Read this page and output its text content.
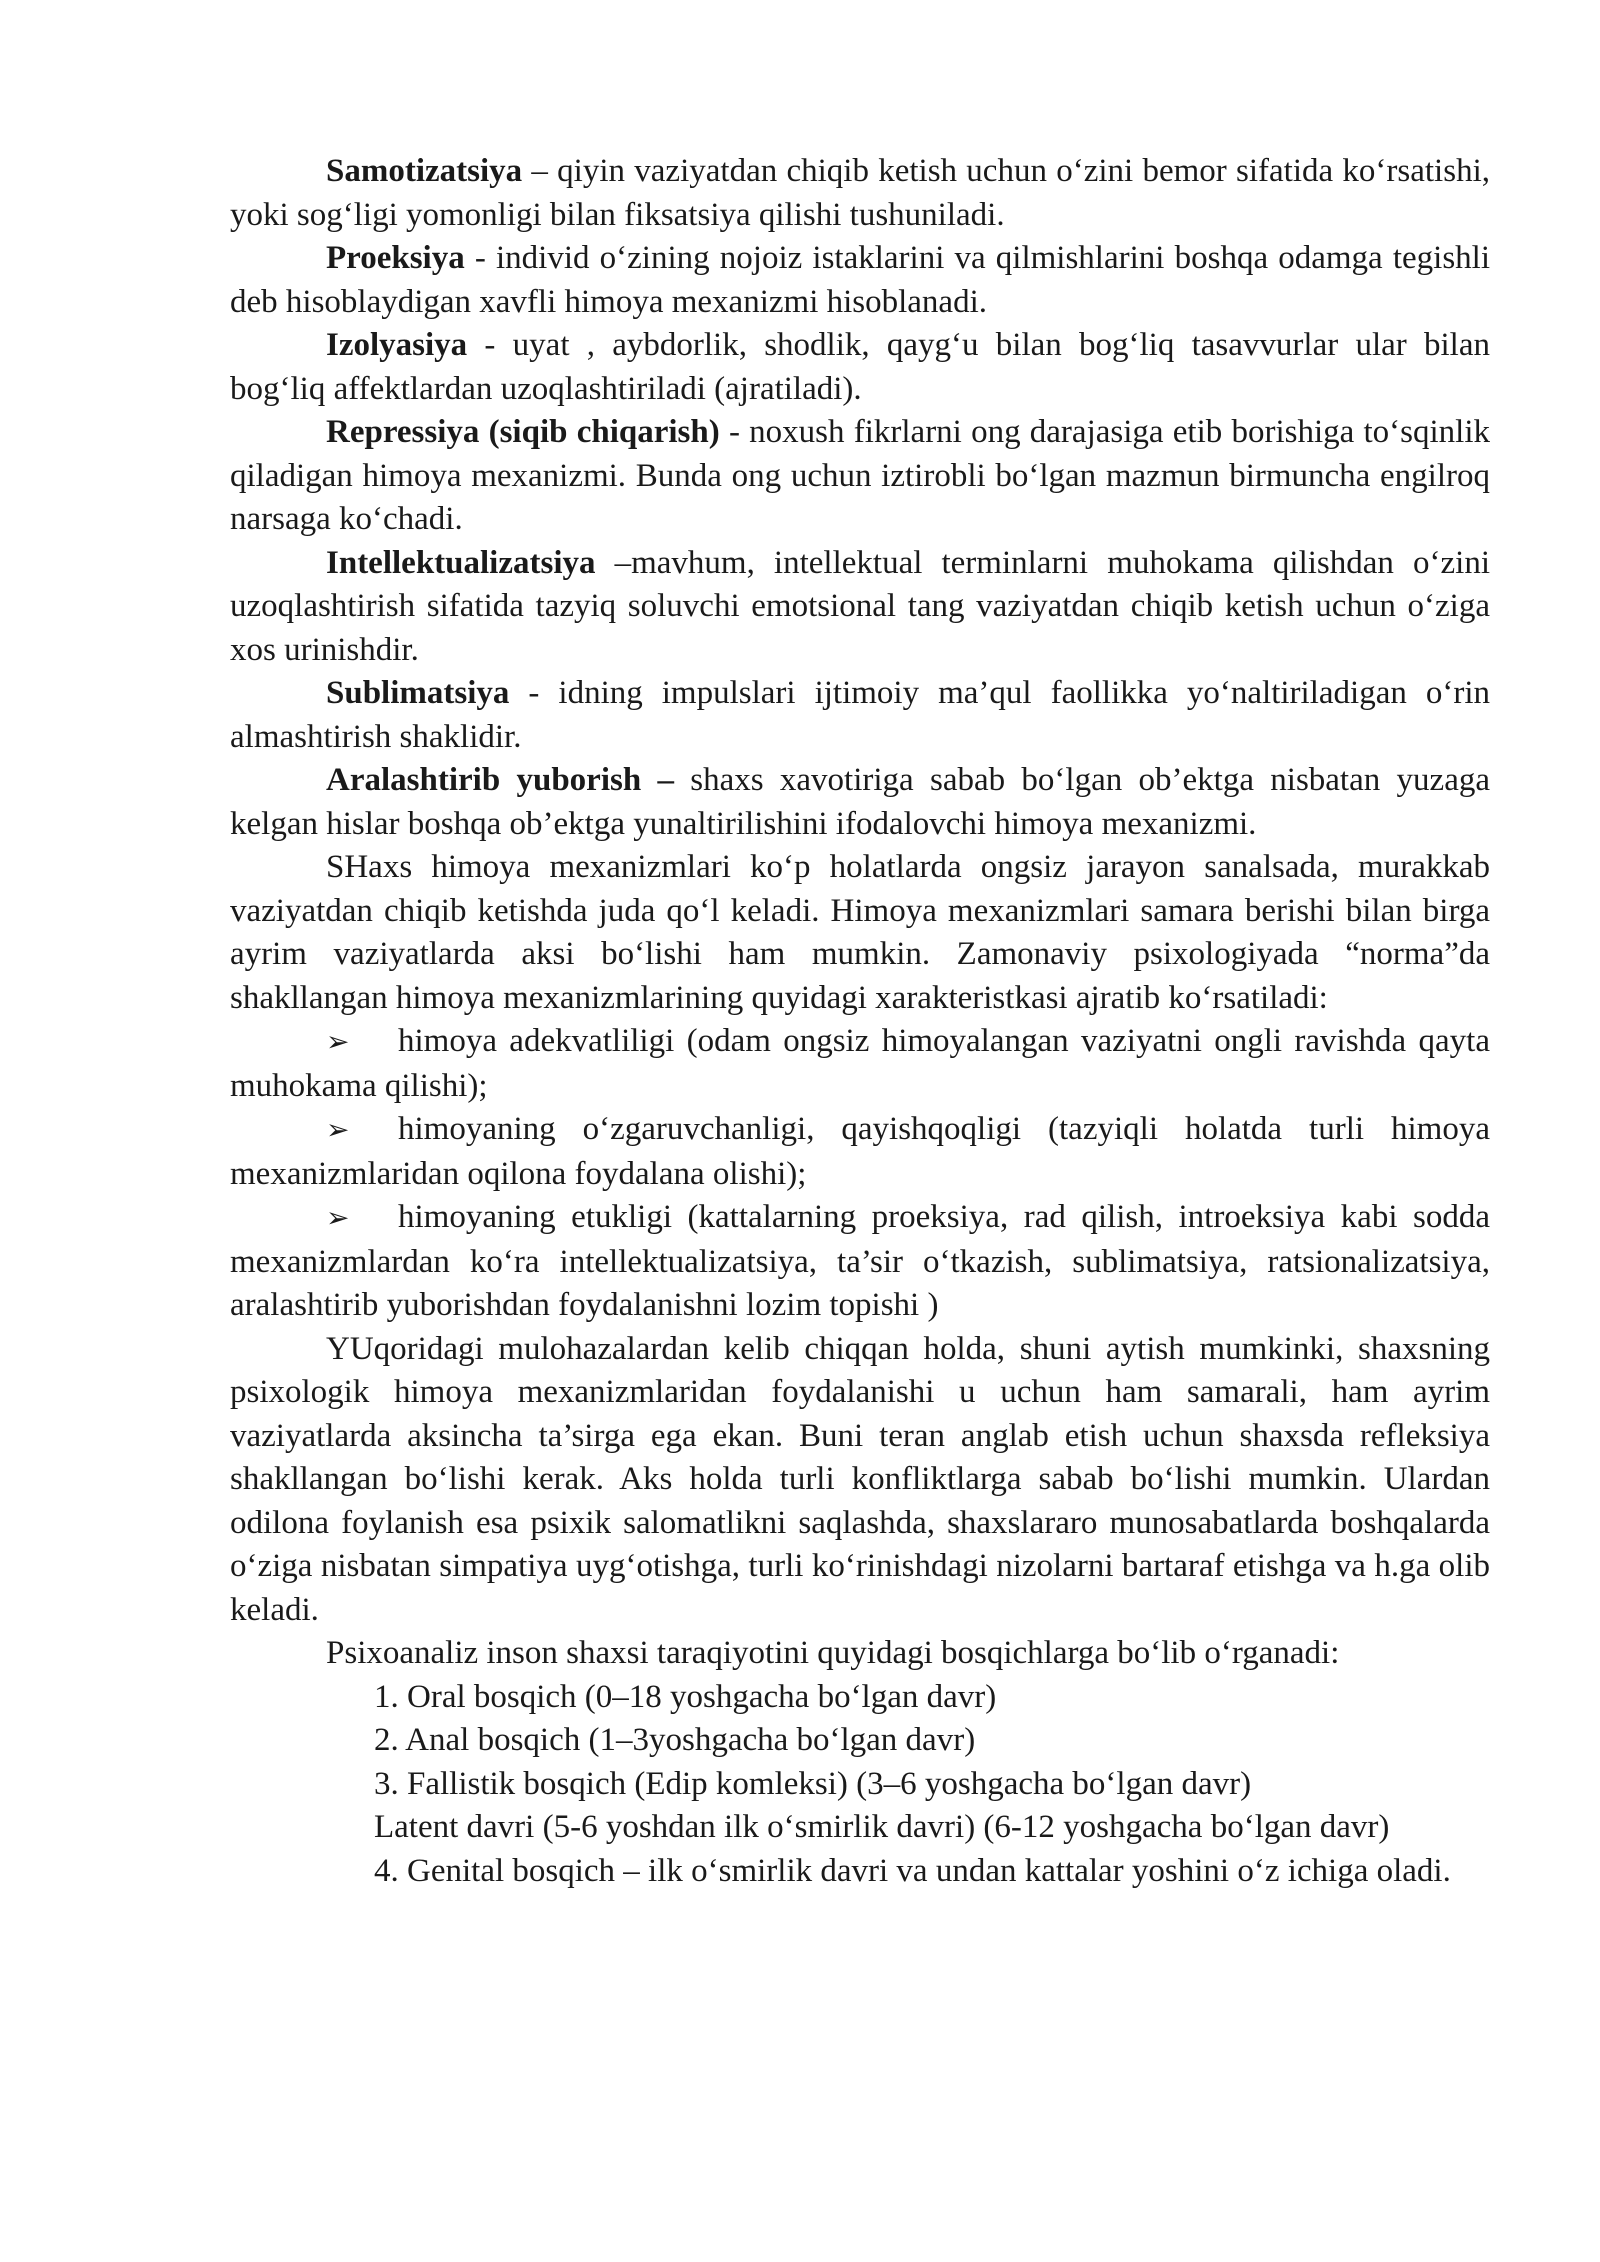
Samotizatsiya – qiyin vaziyatdan chiqib ketish uchun o‘zini bemor sifatida ko‘rsatishi, yoki sog‘ligi yomonligi bilan fiksatsiya qilishi tushuniladi.

Proeksiya - individ o‘zining nojoiz istaklarini va qilmishlarini boshqa odamga tegishli deb hisoblaydigan xavfli himoya mexanizmi hisoblanadi.

Izolyasiya - uyat , aybdorlik, shodlik, qayg‘u bilan bog‘liq tasavvurlar ular bilan bog‘liq affektlardan uzoqlashtiriladi (ajratiladi).

Repressiya (siqib chiqarish) - noxush fikrlarni ong darajasiga etib borishiga to‘sqinlik qiladigan himoya mexanizmi. Bunda ong uchun iztirobli bo‘lgan mazmun birmuncha engilroq narsaga ko‘chadi.

Intellektualizatsiya –mavhum, intellektual terminlarni muhokama qilishdan o‘zini uzoqlashtirish sifatida tazyiq soluvchi emotsional tang vaziyatdan chiqib ketish uchun o‘ziga xos urinishdir.

Sublimatsiya - idning impulslari ijtimoiy ma’qul faollikka yo‘naltiriladigan o‘rin almashtirish shaklidir.

Aralashtirib yuborish – shaxs xavotiriga sabab bo‘lgan ob’ektga nisbatan yuzaga kelgan hislar boshqa ob’ektga yunaltirilishini ifodalovchi himoya mexanizmi.

SHaxs himoya mexanizmlari ko‘p holatlarda ongsiz jarayon sanalsada, murakkab vaziyatdan chiqib ketishda juda qo‘l keladi. Himoya mexanizmlari samara berishi bilan birga ayrim vaziyatlarda aksi bo‘lishi ham mumkin. Zamonaviy psixologiyada “norma”da shakllangan himoya mexanizmlarining quyidagi xarakteristkasi ajratib ko‘rsatiladi:

➢ himoya adekvatliligi (odam ongsiz himoyalangan vaziyatni ongli ravishda qayta muhokama qilishi);

➢ himoyaning o‘zgaruvchanligi, qayishqoqligi (tazyiqli holatda turli himoya mexanizmlaridan oqilona foydalana olishi);

➢ himoyaning etukligi (kattalarning proeksiya, rad qilish, introeksiya kabi sodda mexanizmlardan ko‘ra intellektualizatsiya, ta’sir o‘tkazish, sublimatsiya, ratsionalizatsiya, aralashtirib yuborishdan foydalanishni lozim topishi )

YUqoridagi mulohazalardan kelib chiqqan holda, shuni aytish mumkinki, shaxsning psixologik himoya mexanizmlaridan foydalanishi u uchun ham samarali, ham ayrim vaziyatlarda aksincha ta’sirga ega ekan. Buni teran anglab etish uchun shaxsda refleksiya shakllangan bo‘lishi kerak. Aks holda turli konfliktlarga sabab bo‘lishi mumkin. Ulardan odilona foylanish esa psixik salomatlikni saqlashda, shaxslararo munosabatlarda boshqalarda o‘ziga nisbatan simpatiya uyg‘otishga, turli ko‘rinishdagi nizolarni bartaraf etishga va h.ga olib keladi.

Psixoanaliz inson shaxsi taraqiyotini quyidagi bosqichlarga bo‘lib o‘rganadi:

1. Oral bosqich (0–18 yoshgacha bo‘lgan davr)

2. Anal bosqich (1–3yoshgacha bo‘lgan davr)

3. Fallistik bosqich (Edip komleksi) (3–6 yoshgacha bo‘lgan davr)

Latent davri (5-6 yoshdan ilk o‘smirlik davri) (6-12 yoshgacha bo‘lgan davr)

4. Genital bosqich – ilk o‘smirlik davri va undan kattalar yoshini o‘z ichiga oladi.
